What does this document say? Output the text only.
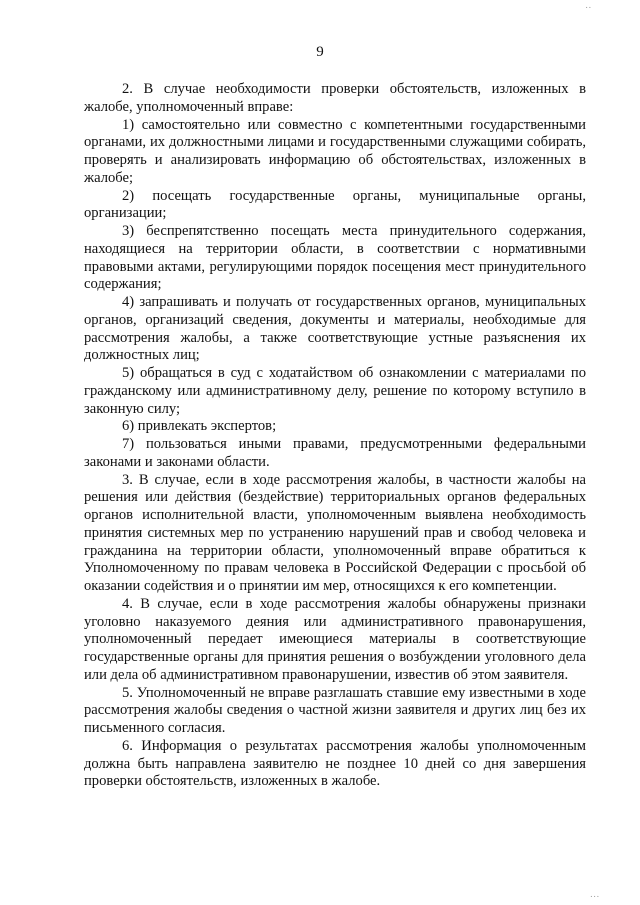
..
9

2. В случае необходимости проверки обстоятельств, изложенных в жалобе, уполномоченный вправе:

1) самостоятельно или совместно с компетентными государственными органами, их должностными лицами и государственными служащими собирать, проверять и анализировать информацию об обстоятельствах, изложенных в жалобе;

2) посещать государственные органы, муниципальные органы, организации;

3) беспрепятственно посещать места принудительного содержания, находящиеся на территории области, в соответствии с нормативными правовыми актами, регулирующими порядок посещения мест принудительного содержания;

4) запрашивать и получать от государственных органов, муниципальных органов, организаций сведения, документы и материалы, необходимые для рассмотрения жалобы, а также соответствующие устные разъяснения их должностных лиц;

5) обращаться в суд с ходатайством об ознакомлении с материалами по гражданскому или административному делу, решение по которому вступило в законную силу;

6) привлекать экспертов;

7) пользоваться иными правами, предусмотренными федеральными законами и законами области.

3. В случае, если в ходе рассмотрения жалобы, в частности жалобы на решения или действия (бездействие) территориальных органов федеральных органов исполнительной власти, уполномоченным выявлена необходимость принятия системных мер по устранению нарушений прав и свобод человека и гражданина на территории области, уполномоченный вправе обратиться к Уполномоченному по правам человека в Российской Федерации с просьбой об оказании содействия и о принятии им мер, относящихся к его компетенции.

4. В случае, если в ходе рассмотрения жалобы обнаружены признаки уголовно наказуемого деяния или административного правонарушения, уполномоченный передает имеющиеся материалы в соответствующие государственные органы для принятия решения о возбуждении уголовного дела или дела об административном правонарушении, известив об этом заявителя.

5. Уполномоченный не вправе разглашать ставшие ему известными в ходе рассмотрения жалобы сведения о частной жизни заявителя и других лиц без их письменного согласия.

6. Информация о результатах рассмотрения жалобы уполномоченным должна быть направлена заявителю не позднее 10 дней со дня завершения проверки обстоятельств, изложенных в жалобе.

...
